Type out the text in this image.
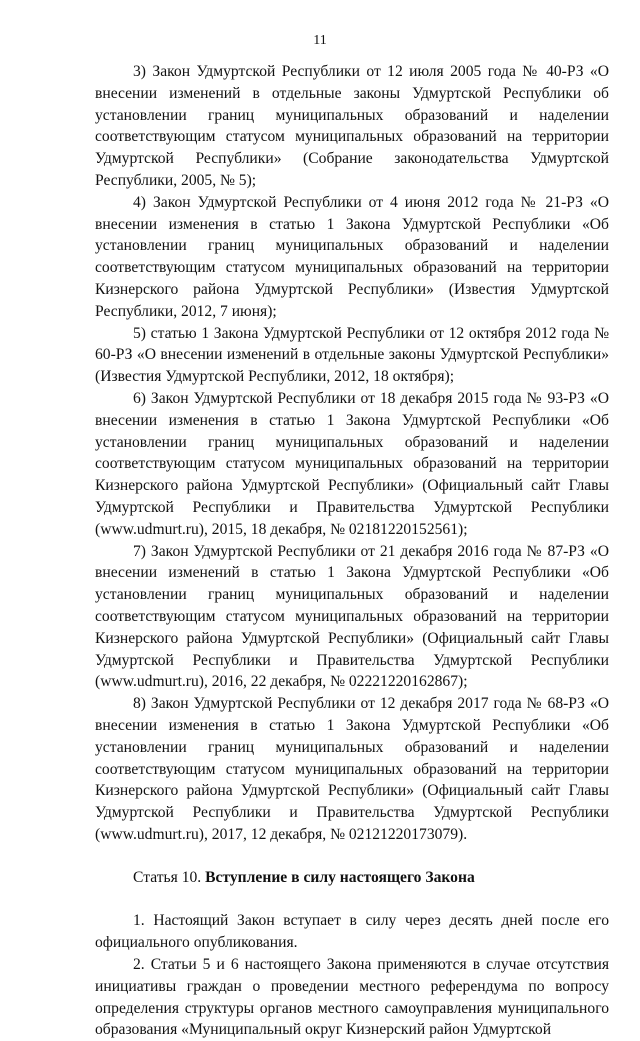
11

3) Закон Удмуртской Республики от 12 июля 2005 года № 40-РЗ «О внесении изменений в отдельные законы Удмуртской Республики об установлении границ муниципальных образований и наделении соответствующим статусом муниципальных образований на территории Удмуртской Республики» (Собрание законодательства Удмуртской Республики, 2005, № 5);

4) Закон Удмуртской Республики от 4 июня 2012 года № 21-РЗ «О внесении изменения в статью 1 Закона Удмуртской Республики «Об установлении границ муниципальных образований и наделении соответствующим статусом муниципальных образований на территории Кизнерского района Удмуртской Республики» (Известия Удмуртской Республики, 2012, 7 июня);

5) статью 1 Закона Удмуртской Республики от 12 октября 2012 года № 60-РЗ «О внесении изменений в отдельные законы Удмуртской Республики» (Известия Удмуртской Республики, 2012, 18 октября);

6) Закон Удмуртской Республики от 18 декабря 2015 года № 93-РЗ «О внесении изменения в статью 1 Закона Удмуртской Республики «Об установлении границ муниципальных образований и наделении соответствующим статусом муниципальных образований на территории Кизнерского района Удмуртской Республики» (Официальный сайт Главы Удмуртской Республики и Правительства Удмуртской Республики (www.udmurt.ru), 2015, 18 декабря, № 02181220152561);

7) Закон Удмуртской Республики от 21 декабря 2016 года № 87-РЗ «О внесении изменений в статью 1 Закона Удмуртской Республики «Об установлении границ муниципальных образований и наделении соответствующим статусом муниципальных образований на территории Кизнерского района Удмуртской Республики» (Официальный сайт Главы Удмуртской Республики и Правительства Удмуртской Республики (www.udmurt.ru), 2016, 22 декабря, № 02221220162867);

8) Закон Удмуртской Республики от 12 декабря 2017 года № 68-РЗ «О внесении изменения в статью 1 Закона Удмуртской Республики «Об установлении границ муниципальных образований и наделении соответствующим статусом муниципальных образований на территории Кизнерского района Удмуртской Республики» (Официальный сайт Главы Удмуртской Республики и Правительства Удмуртской Республики (www.udmurt.ru), 2017, 12 декабря, № 02121220173079).

Статья 10. Вступление в силу настоящего Закона

1. Настоящий Закон вступает в силу через десять дней после его официального опубликования.

2. Статьи 5 и 6 настоящего Закона применяются в случае отсутствия инициативы граждан о проведении местного референдума по вопросу определения структуры органов местного самоуправления муниципального образования «Муниципальный округ Кизнерский район Удмуртской
